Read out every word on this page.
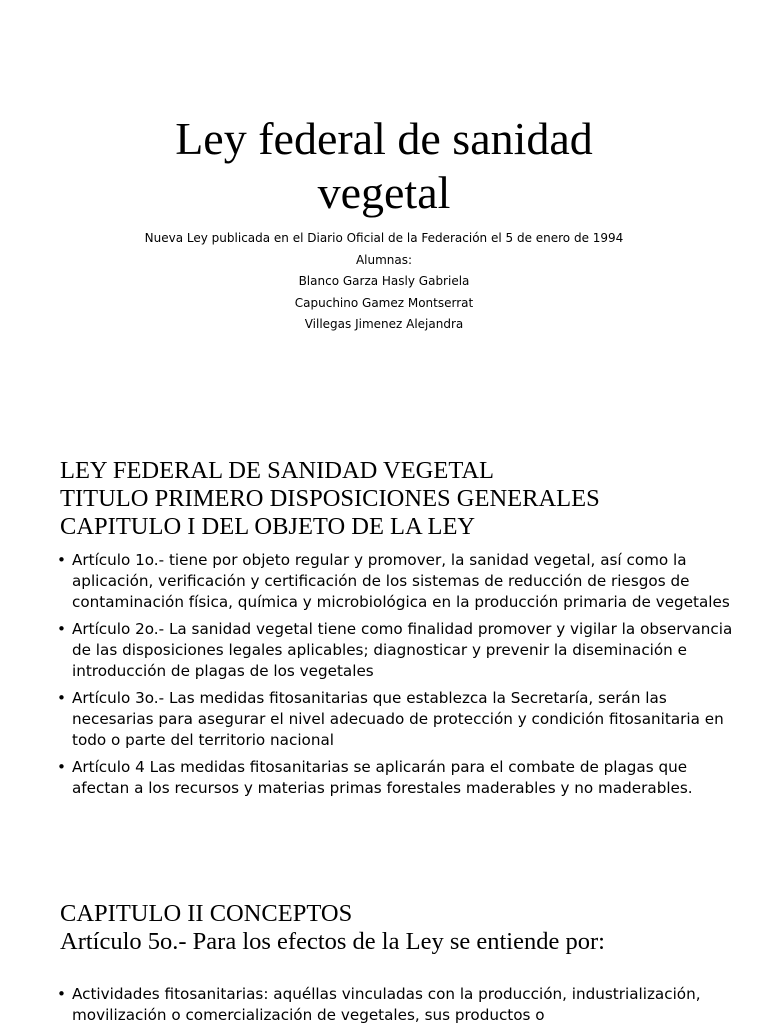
Ley federal de sanidad
vegetal
Nueva Ley publicada en el Diario Oficial de la Federación el 5 de enero de 1994
Alumnas:
Blanco Garza Hasly Gabriela
Capuchino Gamez Montserrat
Villegas Jimenez Alejandra
LEY FEDERAL DE SANIDAD VEGETAL
TITULO PRIMERO DISPOSICIONES GENERALES
CAPITULO I DEL OBJETO DE LA LEY
• Artículo 1o.- tiene por objeto regular y promover, la sanidad vegetal, así como la aplicación, verificación y certificación de los sistemas de reducción de riesgos de contaminación física, química y microbiológica en la producción primaria de vegetales
• Artículo 2o.- La sanidad vegetal tiene como finalidad promover y vigilar la observancia de las disposiciones legales aplicables; diagnosticar y prevenir la diseminación e introducción de plagas de los vegetales
• Artículo 3o.- Las medidas fitosanitarias que establezca la Secretaría, serán las necesarias para asegurar el nivel adecuado de protección y condición fitosanitaria en todo o parte del territorio nacional
• Artículo 4 Las medidas fitosanitarias se aplicarán para el combate de plagas que afectan a los recursos y materias primas forestales maderables y no maderables.
CAPITULO II CONCEPTOS
Artículo 5o.- Para los efectos de la Ley se entiende por:
• Actividades fitosanitarias: aquéllas vinculadas con la producción, industrialización, movilización o comercialización de vegetales, sus productos o
